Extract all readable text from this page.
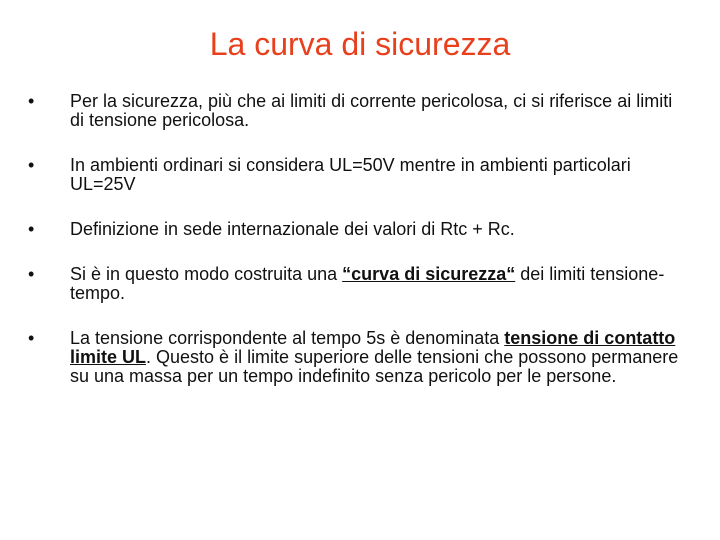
La curva di sicurezza
• Per la sicurezza, più che ai limiti di corrente pericolosa, ci si riferisce ai limiti di tensione pericolosa.
• In ambienti ordinari si considera UL=50V mentre in ambienti particolari UL=25V
• Definizione in sede internazionale dei valori di Rtc + Rc.
• Si è in questo modo costruita una “curva di sicurezza“ dei limiti tensione-tempo.
• La tensione corrispondente al tempo 5s è denominata tensione di contatto limite UL. Questo è il limite superiore delle tensioni che possono permanere su una massa per un tempo indefinito senza pericolo per le persone.
